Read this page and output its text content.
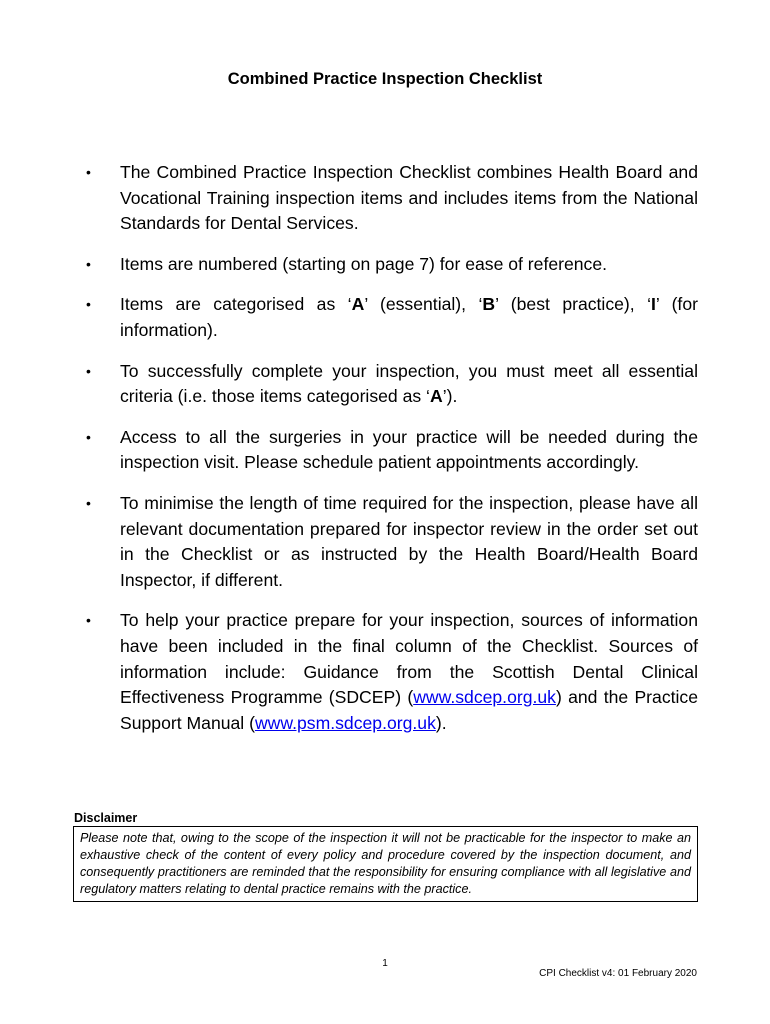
Combined Practice Inspection Checklist
• The Combined Practice Inspection Checklist combines Health Board and Vocational Training inspection items and includes items from the National Standards for Dental Services.
• Items are numbered (starting on page 7) for ease of reference.
• Items are categorised as ‘A’ (essential), ‘B’ (best practice), ‘I’ (for information).
• To successfully complete your inspection, you must meet all essential criteria (i.e. those items categorised as ‘A’).
• Access to all the surgeries in your practice will be needed during the inspection visit. Please schedule patient appointments accordingly.
• To minimise the length of time required for the inspection, please have all relevant documentation prepared for inspector review in the order set out in the Checklist or as instructed by the Health Board/Health Board Inspector, if different.
• To help your practice prepare for your inspection, sources of information have been included in the final column of the Checklist. Sources of information include: Guidance from the Scottish Dental Clinical Effectiveness Programme (SDCEP) (www.sdcep.org.uk) and the Practice Support Manual (www.psm.sdcep.org.uk).
Disclaimer
Please note that, owing to the scope of the inspection it will not be practicable for the inspector to make an exhaustive check of the content of every policy and procedure covered by the inspection document, and consequently practitioners are reminded that the responsibility for ensuring compliance with all legislative and regulatory matters relating to dental practice remains with the practice.
1
CPI Checklist v4: 01 February 2020
